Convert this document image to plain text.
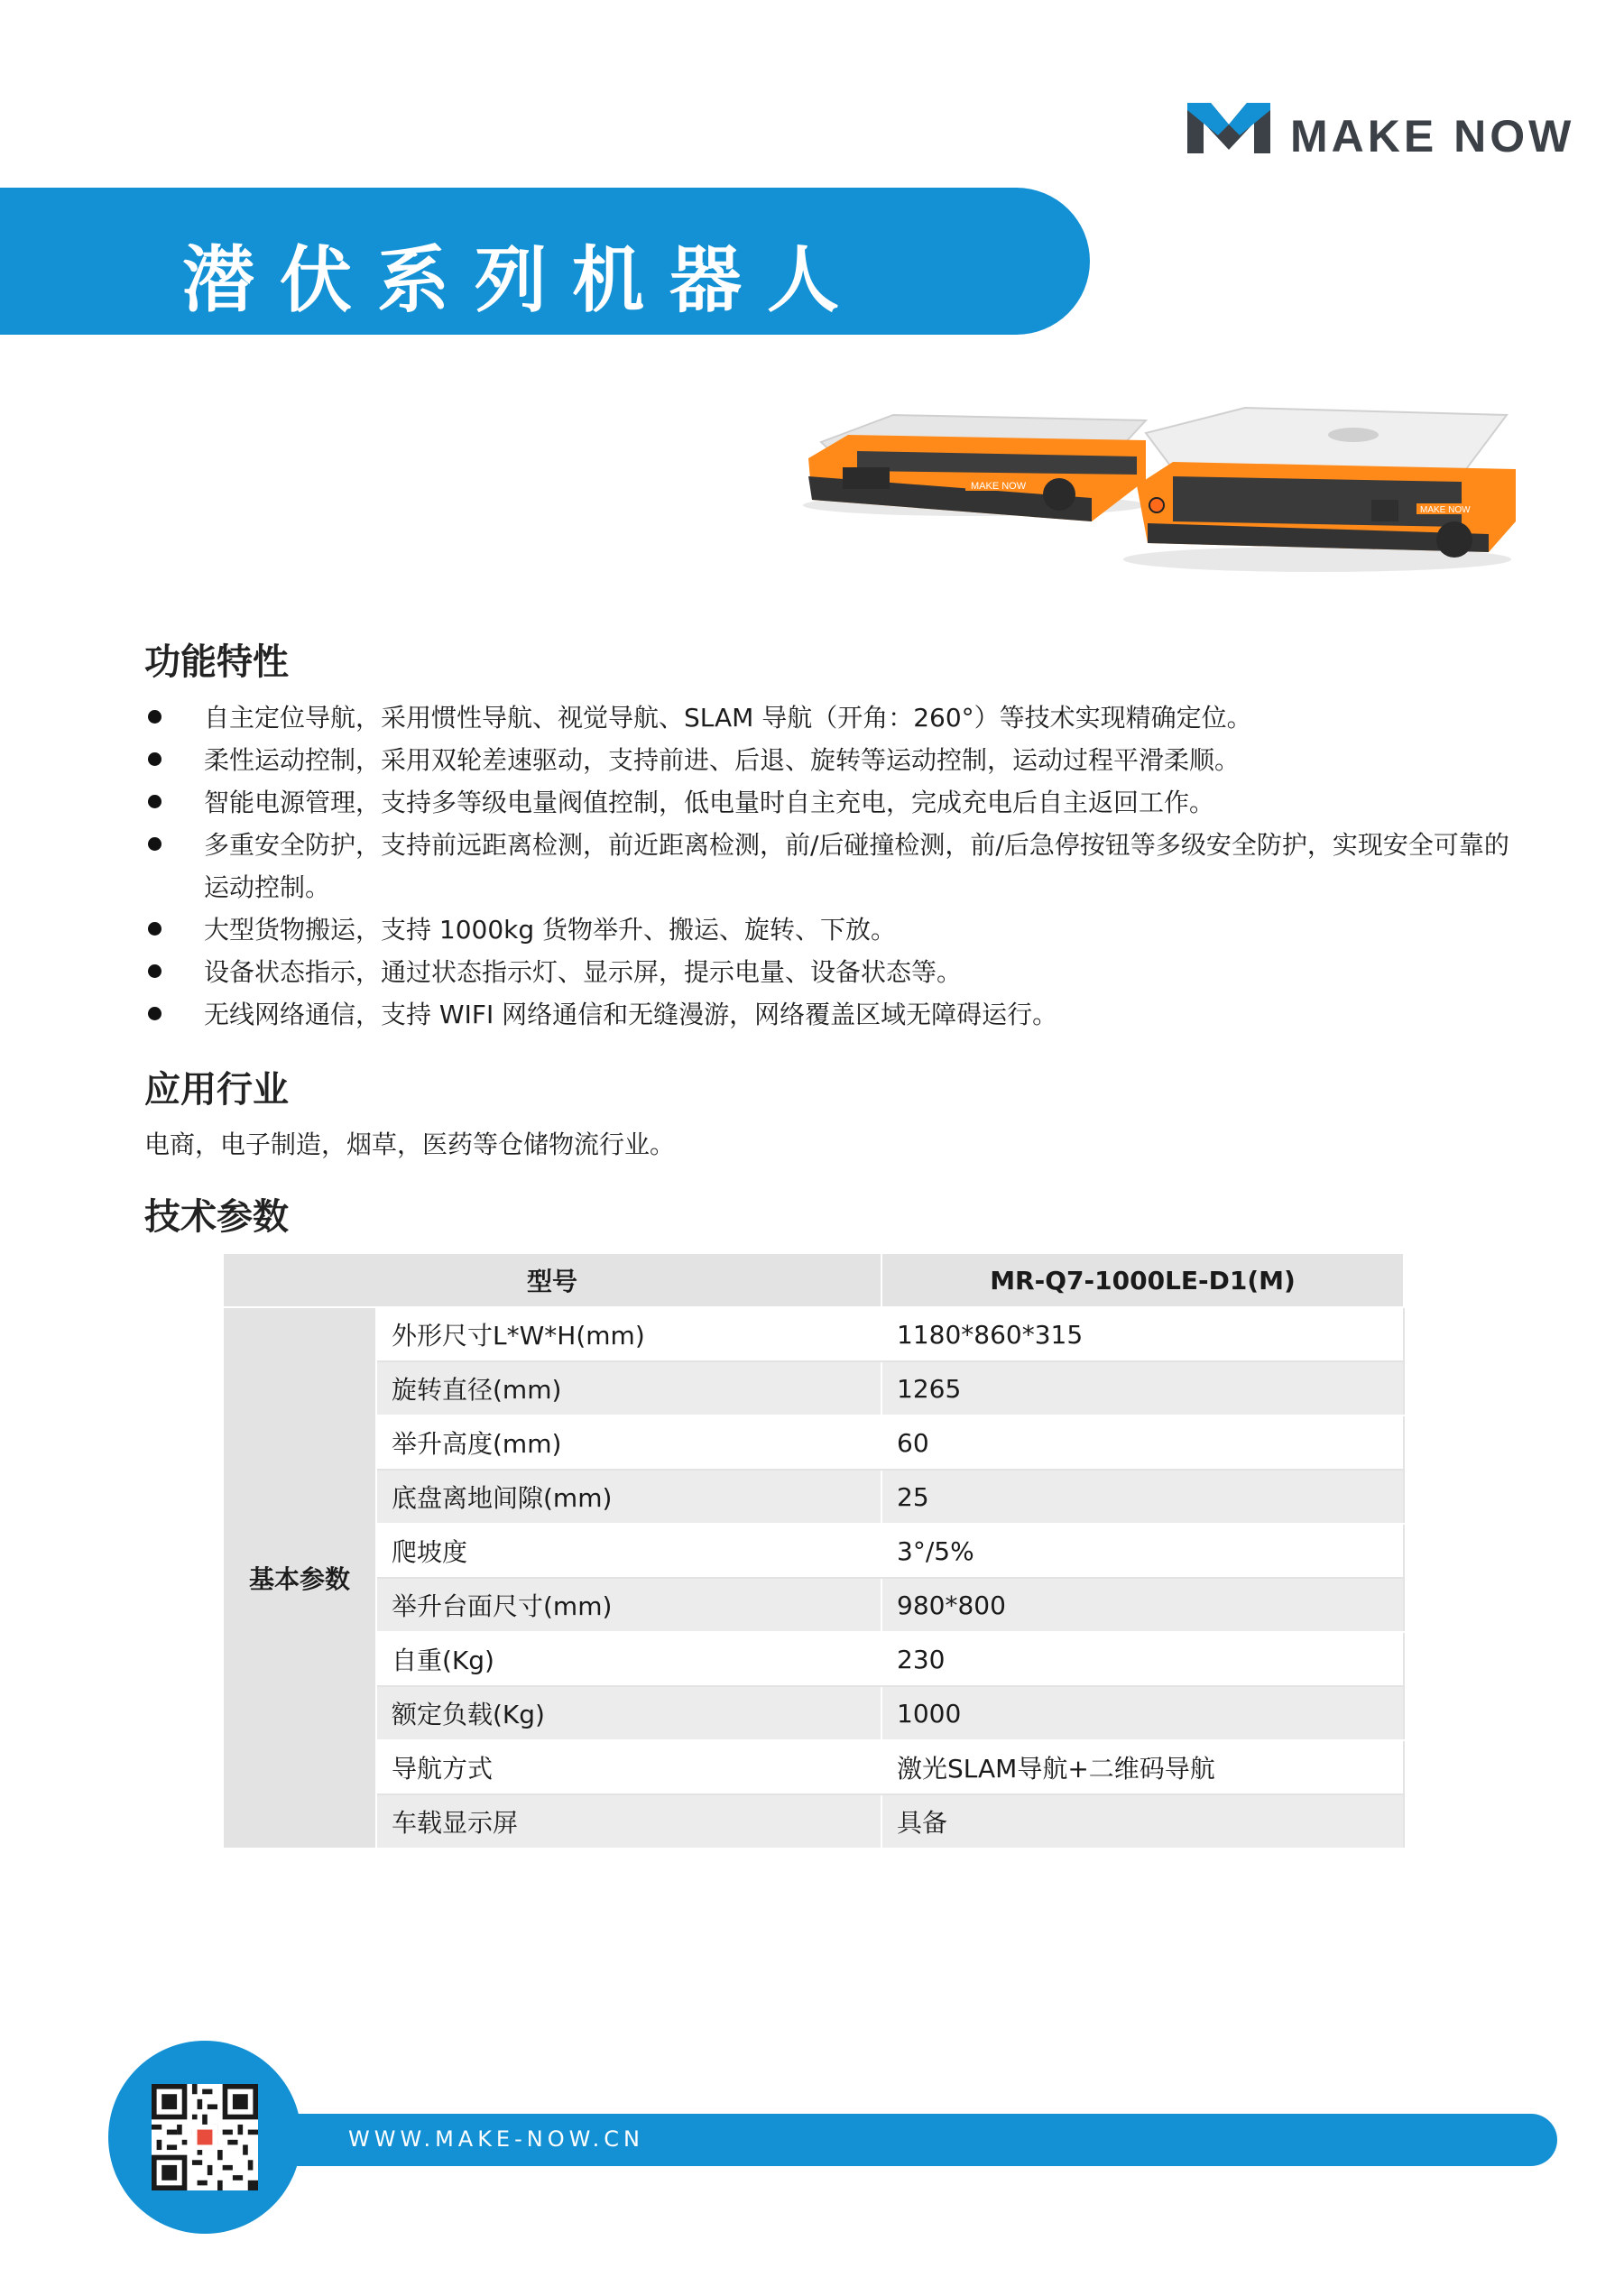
MAKE NOW
潜伏系列机器人
MAKE NOW
MAKE NOW
功能特性
自主定位导航，采用惯性导航、视觉导航、SLAM 导航（开角：260°）等技术实现精确定位。
柔性运动控制，采用双轮差速驱动，支持前进、后退、旋转等运动控制，运动过程平滑柔顺。
智能电源管理，支持多等级电量阀值控制，低电量时自主充电，完成充电后自主返回工作。
多重安全防护，支持前远距离检测，前近距离检测，前/后碰撞检测，前/后急停按钮等多级安全防护，实现安全可靠的运动控制。
大型货物搬运，支持 1000kg 货物举升、搬运、旋转、下放。
设备状态指示，通过状态指示灯、显示屏，提示电量、设备状态等。
无线网络通信，支持 WIFI 网络通信和无缝漫游，网络覆盖区域无障碍运行。
应用行业
电商，电子制造，烟草，医药等仓储物流行业。
技术参数
型号		MR-Q7-1000LE-D1(M)
基本参数	外形尺寸L*W*H(mm)	1180*860*315
	旋转直径(mm)	1265
	举升高度(mm)	60
	底盘离地间隙(mm)	25
	爬坡度	3°/5%
	举升台面尺寸(mm)	980*800
	自重(Kg)	230
	额定负载(Kg)	1000
	导航方式	激光SLAM导航+二维码导航
	车载显示屏	具备
WWW.MAKE-NOW.CN
